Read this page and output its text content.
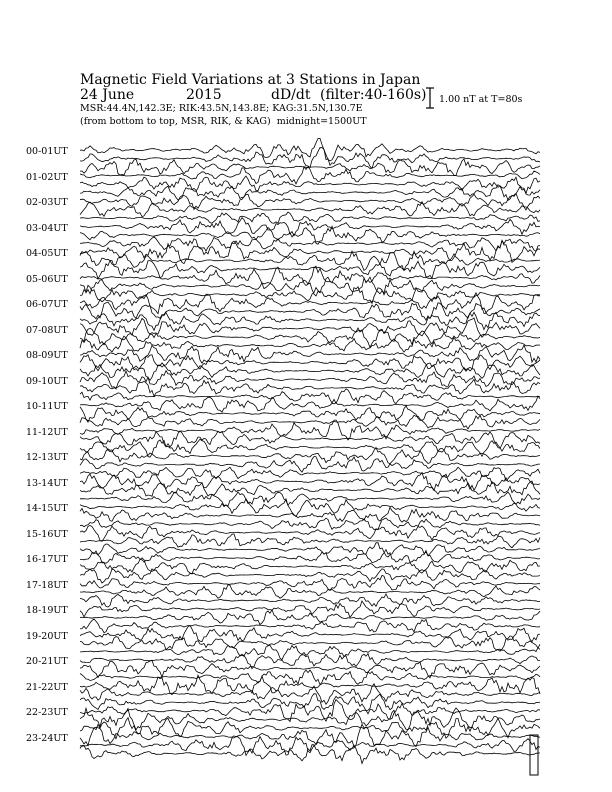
Magnetic Field Variations at 3 Stations in Japan
24 June	2015	dD/dt (filter:40-160s)
MSR:44.4N,142.3E; RIK:43.5N,143.8E; KAG:31.5N,130.7E
(from bottom to top, MSR, RIK, & KAG)  midnight=1500UT
1.00 nT at T=80s
00-01UT
01-02UT
02-03UT
03-04UT
04-05UT
05-06UT
06-07UT
07-08UT
08-09UT
09-10UT
10-11UT
11-12UT
12-13UT
13-14UT
14-15UT
15-16UT
16-17UT
17-18UT
18-19UT
19-20UT
20-21UT
21-22UT
22-23UT
23-24UT
